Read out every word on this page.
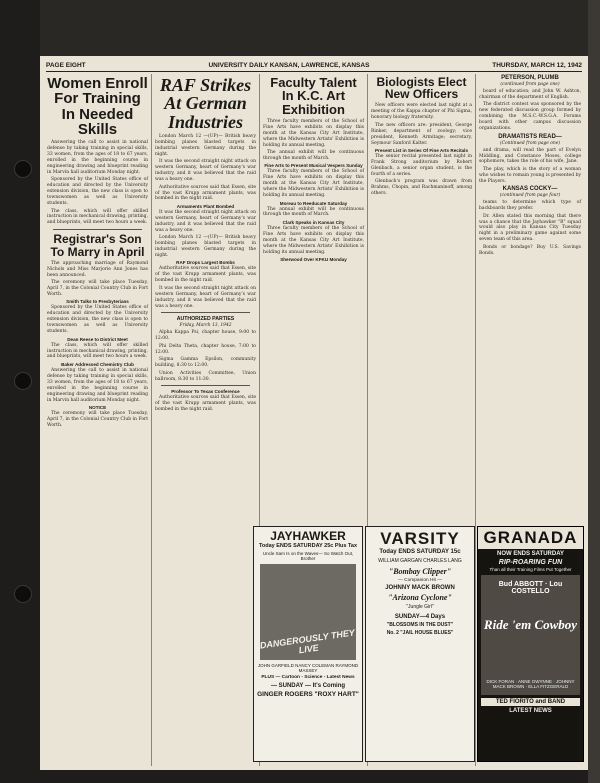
PAGE EIGHT	UNIVERSITY DAILY KANSAN, LAWRENCE, KANSAS	THURSDAY, MARCH 12, 1942
Women Enroll For Training In Needed Skills

Answering the call to assist in national defense by taking training in special skills, 33 women, from the ages of 18 to 67 years, enrolled in the beginning course in engineering drawing and blueprint reading in Marvin hall auditorium Monday night.

Sponsored by the United States office of education and directed by the University extension division, the new class is open to townswomen as well as University students.

The class, which will offer skilled instruction in mechanical drawing, printing, and blueprints, will meet two hours a week.

Registrar's Son To Marry in April

The approaching marriage of Raymond Nichols and Miss Marjorie Ann Jones has been announced.

The ceremony will take place Tuesday, April 7, in the Colonial Country Club in Fort Worth.

Smith Talks to Presbyterians

Sponsored by the United States office of education and directed by the University extension division, the new class is open to townswomen as well as University students.

Dean Reese to District Meet

The class, which will offer skilled instruction in mechanical drawing, printing, and blueprints, will meet two hours a week.

Baker Addressed Chemistry Club

Answering the call to assist in national defense by taking training in special skills, 33 women, from the ages of 18 to 67 years, enrolled in the beginning course in engineering drawing and blueprint reading in Marvin hall auditorium Monday night.

NOTICE

The ceremony will take place Tuesday, April 7, in the Colonial Country Club in Fort Worth.

RAF Strikes At German Industries

London March 12 —(UP)— British heavy bombing planes blasted targets in industrial western Germany during the night.

It was the second straight night attack on western Germany, heart of Germany's war industry, and it was believed that the raid was a heavy one.

Authoritative sources said that Essen, site of the vast Krupp armament plants, was bombed in the night raid.

Armaments Plant Bombed

It was the second straight night attack on western Germany, heart of Germany's war industry, and it was believed that the raid was a heavy one.

London March 12 —(UP)— British heavy bombing planes blasted targets in industrial western Germany during the night.

RAF Drops Largest Bombs

Authoritative sources said that Essen, site of the vast Krupp armament plants, was bombed in the night raid.

It was the second straight night attack on western Germany, heart of Germany's war industry, and it was believed that the raid was a heavy one.

AUTHORIZED PARTIES
Friday, March 13, 1942

Alpha Kappa Psi, chapter house, 9:00 to 12:00.

Phi Delta Theta, chapter house, 7:00 to 12:00.

Sigma Gamma Epsilon, community building, 8:30 to 12:00.

Union Activities Committee, Union ballroom, 8:30 to 11:30.

Professor To Texas Conference

Authoritative sources said that Essen, site of the vast Krupp armament plants, was bombed in the night raid.

Faculty Talent In K.C. Art Exhibition

Three faculty members of the School of Fine Arts have exhibits on display this month at the Kansas City Art Institute, where the Midwestern Artists' Exhibition is holding its annual meeting.

The annual exhibit will be continuous through the month of March.

Fine Arts to Present Musical Vespers Sunday

Three faculty members of the School of Fine Arts have exhibits on display this month at the Kansas City Art Institute, where the Midwestern Artists' Exhibition is holding its annual meeting.

Moreau to Reeducate Saturday

The annual exhibit will be continuous through the month of March.

Clark Speaks in Kansas City

Three faculty members of the School of Fine Arts have exhibits on display this month at the Kansas City Art Institute, where the Midwestern Artists' Exhibition is holding its annual meeting.

Sherwood Over KFKU Monday
Biologists Elect New Officers

New officers were elected last night at a meeting of the Kappa chapter of Phi Sigma, honorary biology fraternity.

The new officers are: president, George Rinker, department of zoology; vice president, Kenneth Armitage; secretary, Seymour Sanford Kalter.

Present List in Series Of Fine Arts Recitals

The senior recital presented last night in Frank Strong auditorium by Robert Glenbach, a senior organ student, is the fourth of a series.

Glenbach's program was drawn from Brahms, Chopin, and Rachmaninoff, among others.

PETERSON, PLUMB
(continued from page one)

board of education; and John W. Ashton, chairman of the department of English.

The district contest was sponsored by the new federated discussion group formed by combining the M.S.C.-W.S.G.A. Forums board with other campus discussion organizations.

DRAMATISTS READ—
(Continued from page one)

and drama, will read the part of Evelyn Middling, and Constance Moses, college sophomore, takes the role of his wife, Jane.

The play, which is the story of a woman who wishes to remain young is presented by the Players.

KANSAS COCKY—
(continued from page four)

teams to determine which type of backboards they prefer.

Dr. Allen stated this morning that there was a chance that the Jayhawker "B" squad would also play in Kansas City Tuesday night in a preliminary game against some seven team of this area.

Bonds or bondage? Buy U.S. Savings Bonds.

JAYHAWKER
Today ENDS SATURDAY 25c Plus Tax
Uncle Sam Is on the Waves— So Watch Out, Brother
DANGEROUSLY THEY LIVE
JOHN GARFIELD NANCY COLEMAN RAYMOND MASSEY
PLUS — Cartoon - Science - Latest News
— SUNDAY — It's Coming
GINGER ROGERS "ROXY HART"
VARSITY
Today ENDS SATURDAY 15c
WILLIAM GARGAN CHARLES LANG
"Bombay Clipper"
— Companion Hit —
JOHNNY MACK BROWN
"Arizona Cyclone"
"Jungle Girl"
SUNDAY—4 Days
"BLOSSOMS IN THE DUST"
No. 2 "JAIL HOUSE BLUES"
GRANADA
NOW ENDS SATURDAY
RIP-ROARING FUN
Than all their Training Films Put Together
Bud ABBOTT · Lou COSTELLO
Ride 'em Cowboy
DICK FORAN · ANNE GWYNNE · JOHNNY MACK BROWN · ELLA FITZGERALD
TED FIORITO and BAND
LATEST NEWS
